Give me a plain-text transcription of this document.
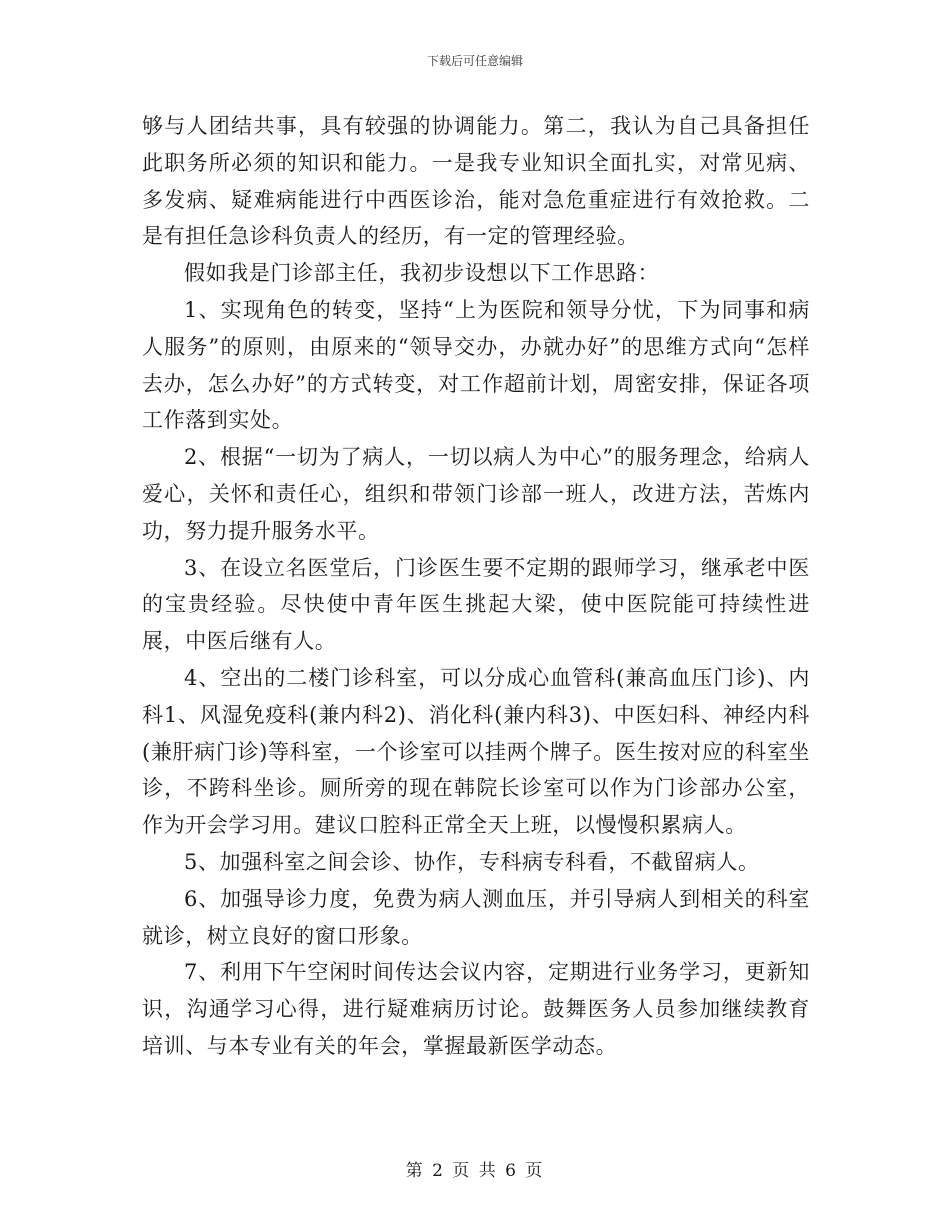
下载后可任意编辑

够与人团结共事，具有较强的协调能力。第二，我认为自己具备担任此职务所必须的知识和能力。一是我专业知识全面扎实，对常见病、多发病、疑难病能进行中西医诊治，能对急危重症进行有效抢救。二是有担任急诊科负责人的经历，有一定的管理经验。

假如我是门诊部主任，我初步设想以下工作思路：

1、实现角色的转变，坚持“上为医院和领导分忧，下为同事和病人服务”的原则，由原来的“领导交办，办就办好”的思维方式向“怎样去办，怎么办好”的方式转变，对工作超前计划，周密安排，保证各项工作落到实处。

2、根据“一切为了病人，一切以病人为中心”的服务理念，给病人爱心，关怀和责任心，组织和带领门诊部一班人，改进方法，苦炼内功，努力提升服务水平。

3、在设立名医堂后，门诊医生要不定期的跟师学习，继承老中医的宝贵经验。尽快使中青年医生挑起大梁，使中医院能可持续性进展，中医后继有人。

4、空出的二楼门诊科室，可以分成心血管科(兼高血压门诊)、内科1、风湿免疫科(兼内科2)、消化科(兼内科3)、中医妇科、神经内科(兼肝病门诊)等科室，一个诊室可以挂两个牌子。医生按对应的科室坐诊，不跨科坐诊。厕所旁的现在韩院长诊室可以作为门诊部办公室，作为开会学习用。建议口腔科正常全天上班，以慢慢积累病人。

5、加强科室之间会诊、协作，专科病专科看，不截留病人。

6、加强导诊力度，免费为病人测血压，并引导病人到相关的科室就诊，树立良好的窗口形象。

7、利用下午空闲时间传达会议内容，定期进行业务学习，更新知识，沟通学习心得，进行疑难病历讨论。鼓舞医务人员参加继续教育培训、与本专业有关的年会，掌握最新医学动态。

第 2 页 共 6 页
